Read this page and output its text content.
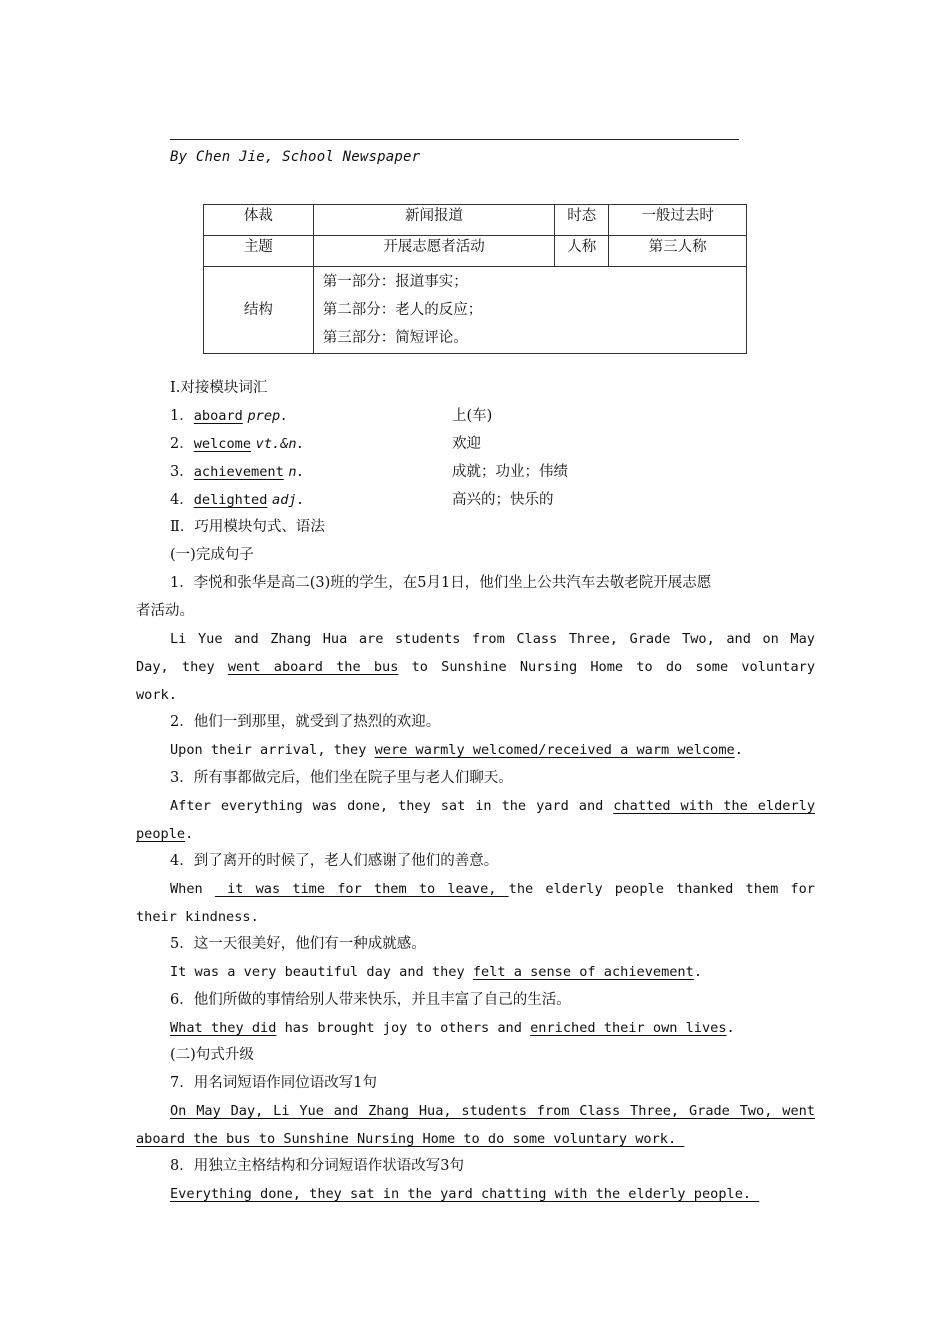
By Chen Jie, School Newspaper
体裁	新闻报道	时态	一般过去时
主题	开展志愿者活动	人称	第三人称
结构	第一部分：报道事实；
第二部分：老人的反应；
第三部分：简短评论。		
Ⅰ.对接模块词汇
1．aboard prep.	上(车)
2．welcome vt.&n.	欢迎
3．achievement n.	成就；功业；伟绩
4．delighted adj.	高兴的；快乐的
Ⅱ．巧用模块句式、语法
(一)完成句子
1．李悦和张华是高二(3)班的学生，在5月1日，他们坐上公共汽车去敬老院开展志愿
者活动。
Li Yue and Zhang Hua are students from Class Three, Grade Two, and on May
Day, they went aboard the bus to Sunshine Nursing Home to do some voluntary
work.
2．他们一到那里，就受到了热烈的欢迎。
Upon their arrival, they were warmly welcomed/received a warm welcome.
3．所有事都做完后，他们坐在院子里与老人们聊天。
After everything was done, they sat in the yard and chatted with the elderly
people.
4．到了离开的时候了，老人们感谢了他们的善意。
When  it was time for them to leave, the elderly people thanked them for
their kindness.
5．这一天很美好，他们有一种成就感。
It was a very beautiful day and they felt a sense of achievement.
6．他们所做的事情给别人带来快乐，并且丰富了自己的生活。
What they did has brought joy to others and enriched their own lives.
(二)句式升级
7．用名词短语作同位语改写1句
On May Day, Li Yue and Zhang Hua, students from Class Three, Grade Two, went
aboard the bus to Sunshine Nursing Home to do some voluntary work.
8．用独立主格结构和分词短语作状语改写3句
Everything done, they sat in the yard chatting with the elderly people.
